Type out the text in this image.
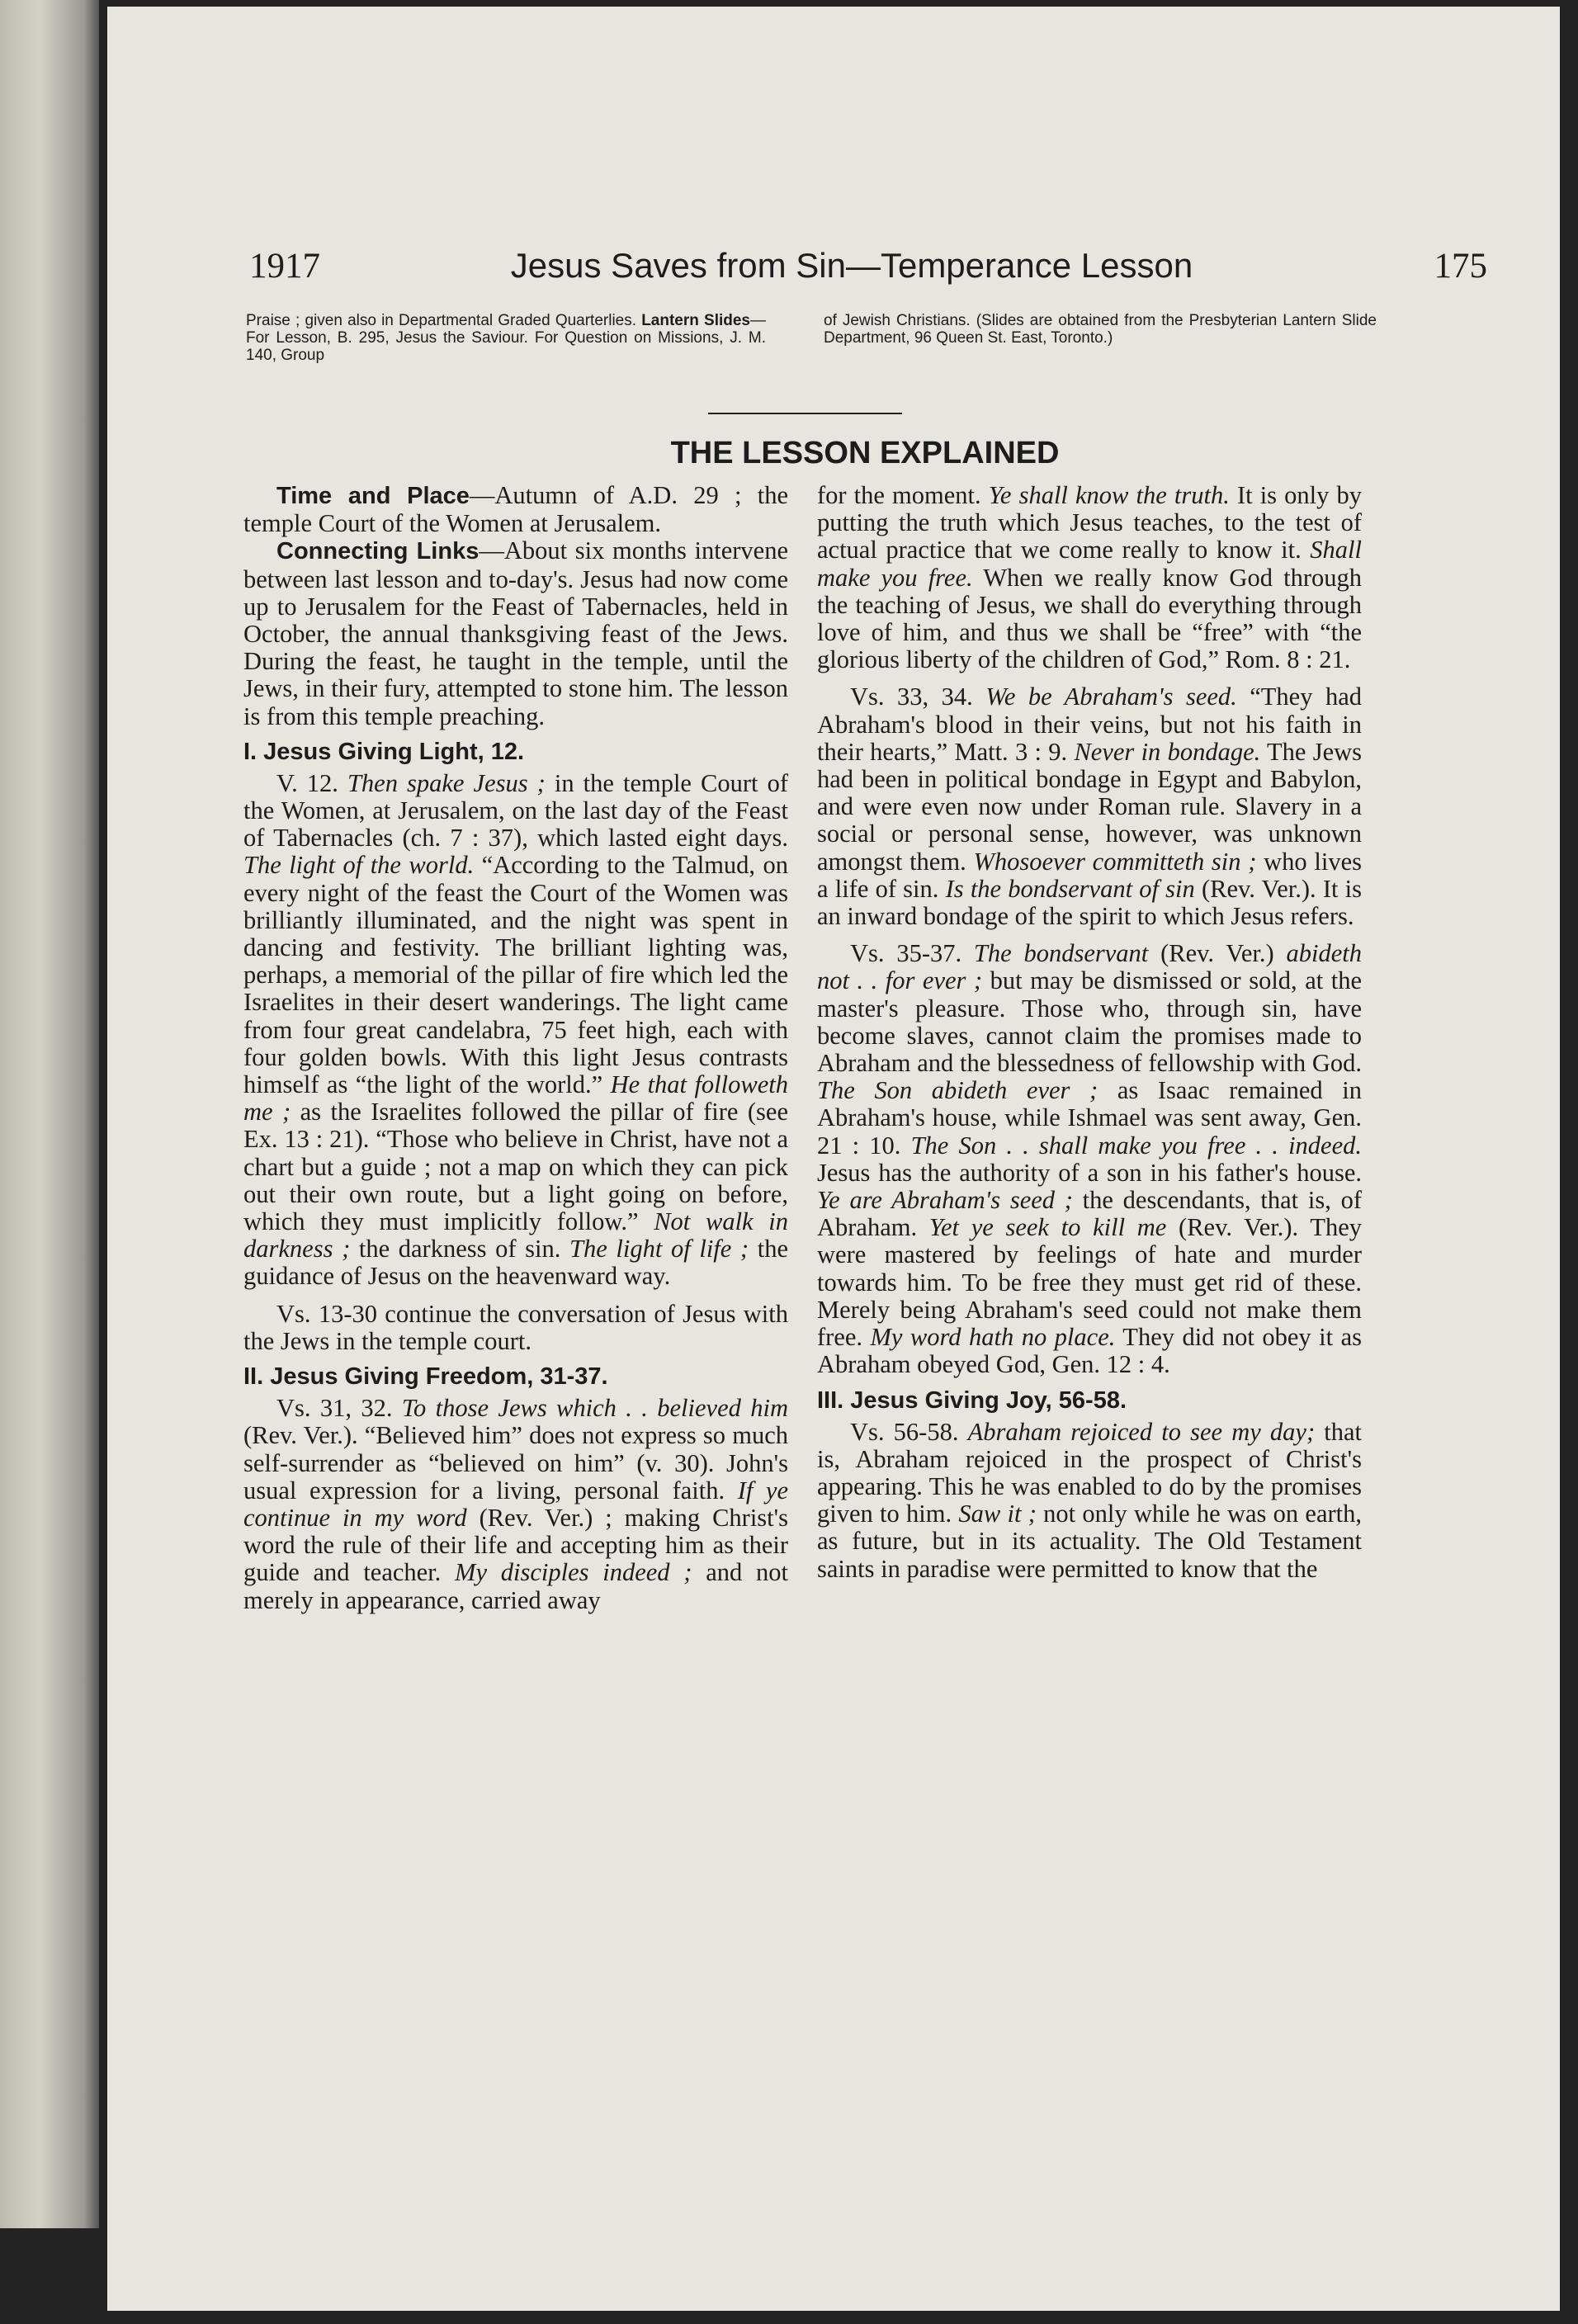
1917	Jesus Saves from Sin—Temperance Lesson	175
Praise ; given also in Departmental Graded Quarterlies. Lantern Slides—For Lesson, B. 295, Jesus the Saviour. For Question on Missions, J. M. 140, Group
of Jewish Christians. (Slides are obtained from the Presbyterian Lantern Slide Department, 96 Queen St. East, Toronto.)
THE LESSON EXPLAINED

Time and Place—Autumn of A.D. 29 ; the temple Court of the Women at Jerusalem.

Connecting Links—About six months intervene between last lesson and to-day's. Jesus had now come up to Jerusalem for the Feast of Tabernacles, held in October, the annual thanksgiving feast of the Jews. During the feast, he taught in the temple, until the Jews, in their fury, attempted to stone him. The lesson is from this temple preaching.

I. Jesus Giving Light, 12.

V. 12. Then spake Jesus ; in the temple Court of the Women, at Jerusalem, on the last day of the Feast of Tabernacles (ch. 7 : 37), which lasted eight days. The light of the world. “According to the Talmud, on every night of the feast the Court of the Women was brilliantly illuminated, and the night was spent in dancing and festivity. The brilliant lighting was, perhaps, a memorial of the pillar of fire which led the Israelites in their desert wanderings. The light came from four great candelabra, 75 feet high, each with four golden bowls. With this light Jesus contrasts himself as “the light of the world.” He that followeth me ; as the Israelites followed the pillar of fire (see Ex. 13 : 21). “Those who believe in Christ, have not a chart but a guide ; not a map on which they can pick out their own route, but a light going on before, which they must implicitly follow.” Not walk in darkness ; the darkness of sin. The light of life ; the guidance of Jesus on the heavenward way.

Vs. 13-30 continue the conversation of Jesus with the Jews in the temple court.

II. Jesus Giving Freedom, 31-37.

Vs. 31, 32. To those Jews which . . believed him (Rev. Ver.). “Believed him” does not express so much self-surrender as “believed on him” (v. 30). John's usual expression for a living, personal faith. If ye continue in my word (Rev. Ver.) ; making Christ's word the rule of their life and accepting him as their guide and teacher. My disciples indeed ; and not merely in appearance, carried away

for the moment. Ye shall know the truth. It is only by putting the truth which Jesus teaches, to the test of actual practice that we come really to know it. Shall make you free. When we really know God through the teaching of Jesus, we shall do everything through love of him, and thus we shall be “free” with “the glorious liberty of the children of God,” Rom. 8 : 21.

Vs. 33, 34. We be Abraham's seed. “They had Abraham's blood in their veins, but not his faith in their hearts,” Matt. 3 : 9. Never in bondage. The Jews had been in political bondage in Egypt and Babylon, and were even now under Roman rule. Slavery in a social or personal sense, however, was unknown amongst them. Whosoever committeth sin ; who lives a life of sin. Is the bondservant of sin (Rev. Ver.). It is an inward bondage of the spirit to which Jesus refers.

Vs. 35-37. The bondservant (Rev. Ver.) abideth not . . for ever ; but may be dismissed or sold, at the master's pleasure. Those who, through sin, have become slaves, cannot claim the promises made to Abraham and the blessedness of fellowship with God. The Son abideth ever ; as Isaac remained in Abraham's house, while Ishmael was sent away, Gen. 21 : 10. The Son . . shall make you free . . indeed. Jesus has the authority of a son in his father's house. Ye are Abraham's seed ; the descendants, that is, of Abraham. Yet ye seek to kill me (Rev. Ver.). They were mastered by feelings of hate and murder towards him. To be free they must get rid of these. Merely being Abraham's seed could not make them free. My word hath no place. They did not obey it as Abraham obeyed God, Gen. 12 : 4.

III. Jesus Giving Joy, 56-58.

Vs. 56-58. Abraham rejoiced to see my day; that is, Abraham rejoiced in the prospect of Christ's appearing. This he was enabled to do by the promises given to him. Saw it ; not only while he was on earth, as future, but in its actuality. The Old Testament saints in paradise were permitted to know that the
